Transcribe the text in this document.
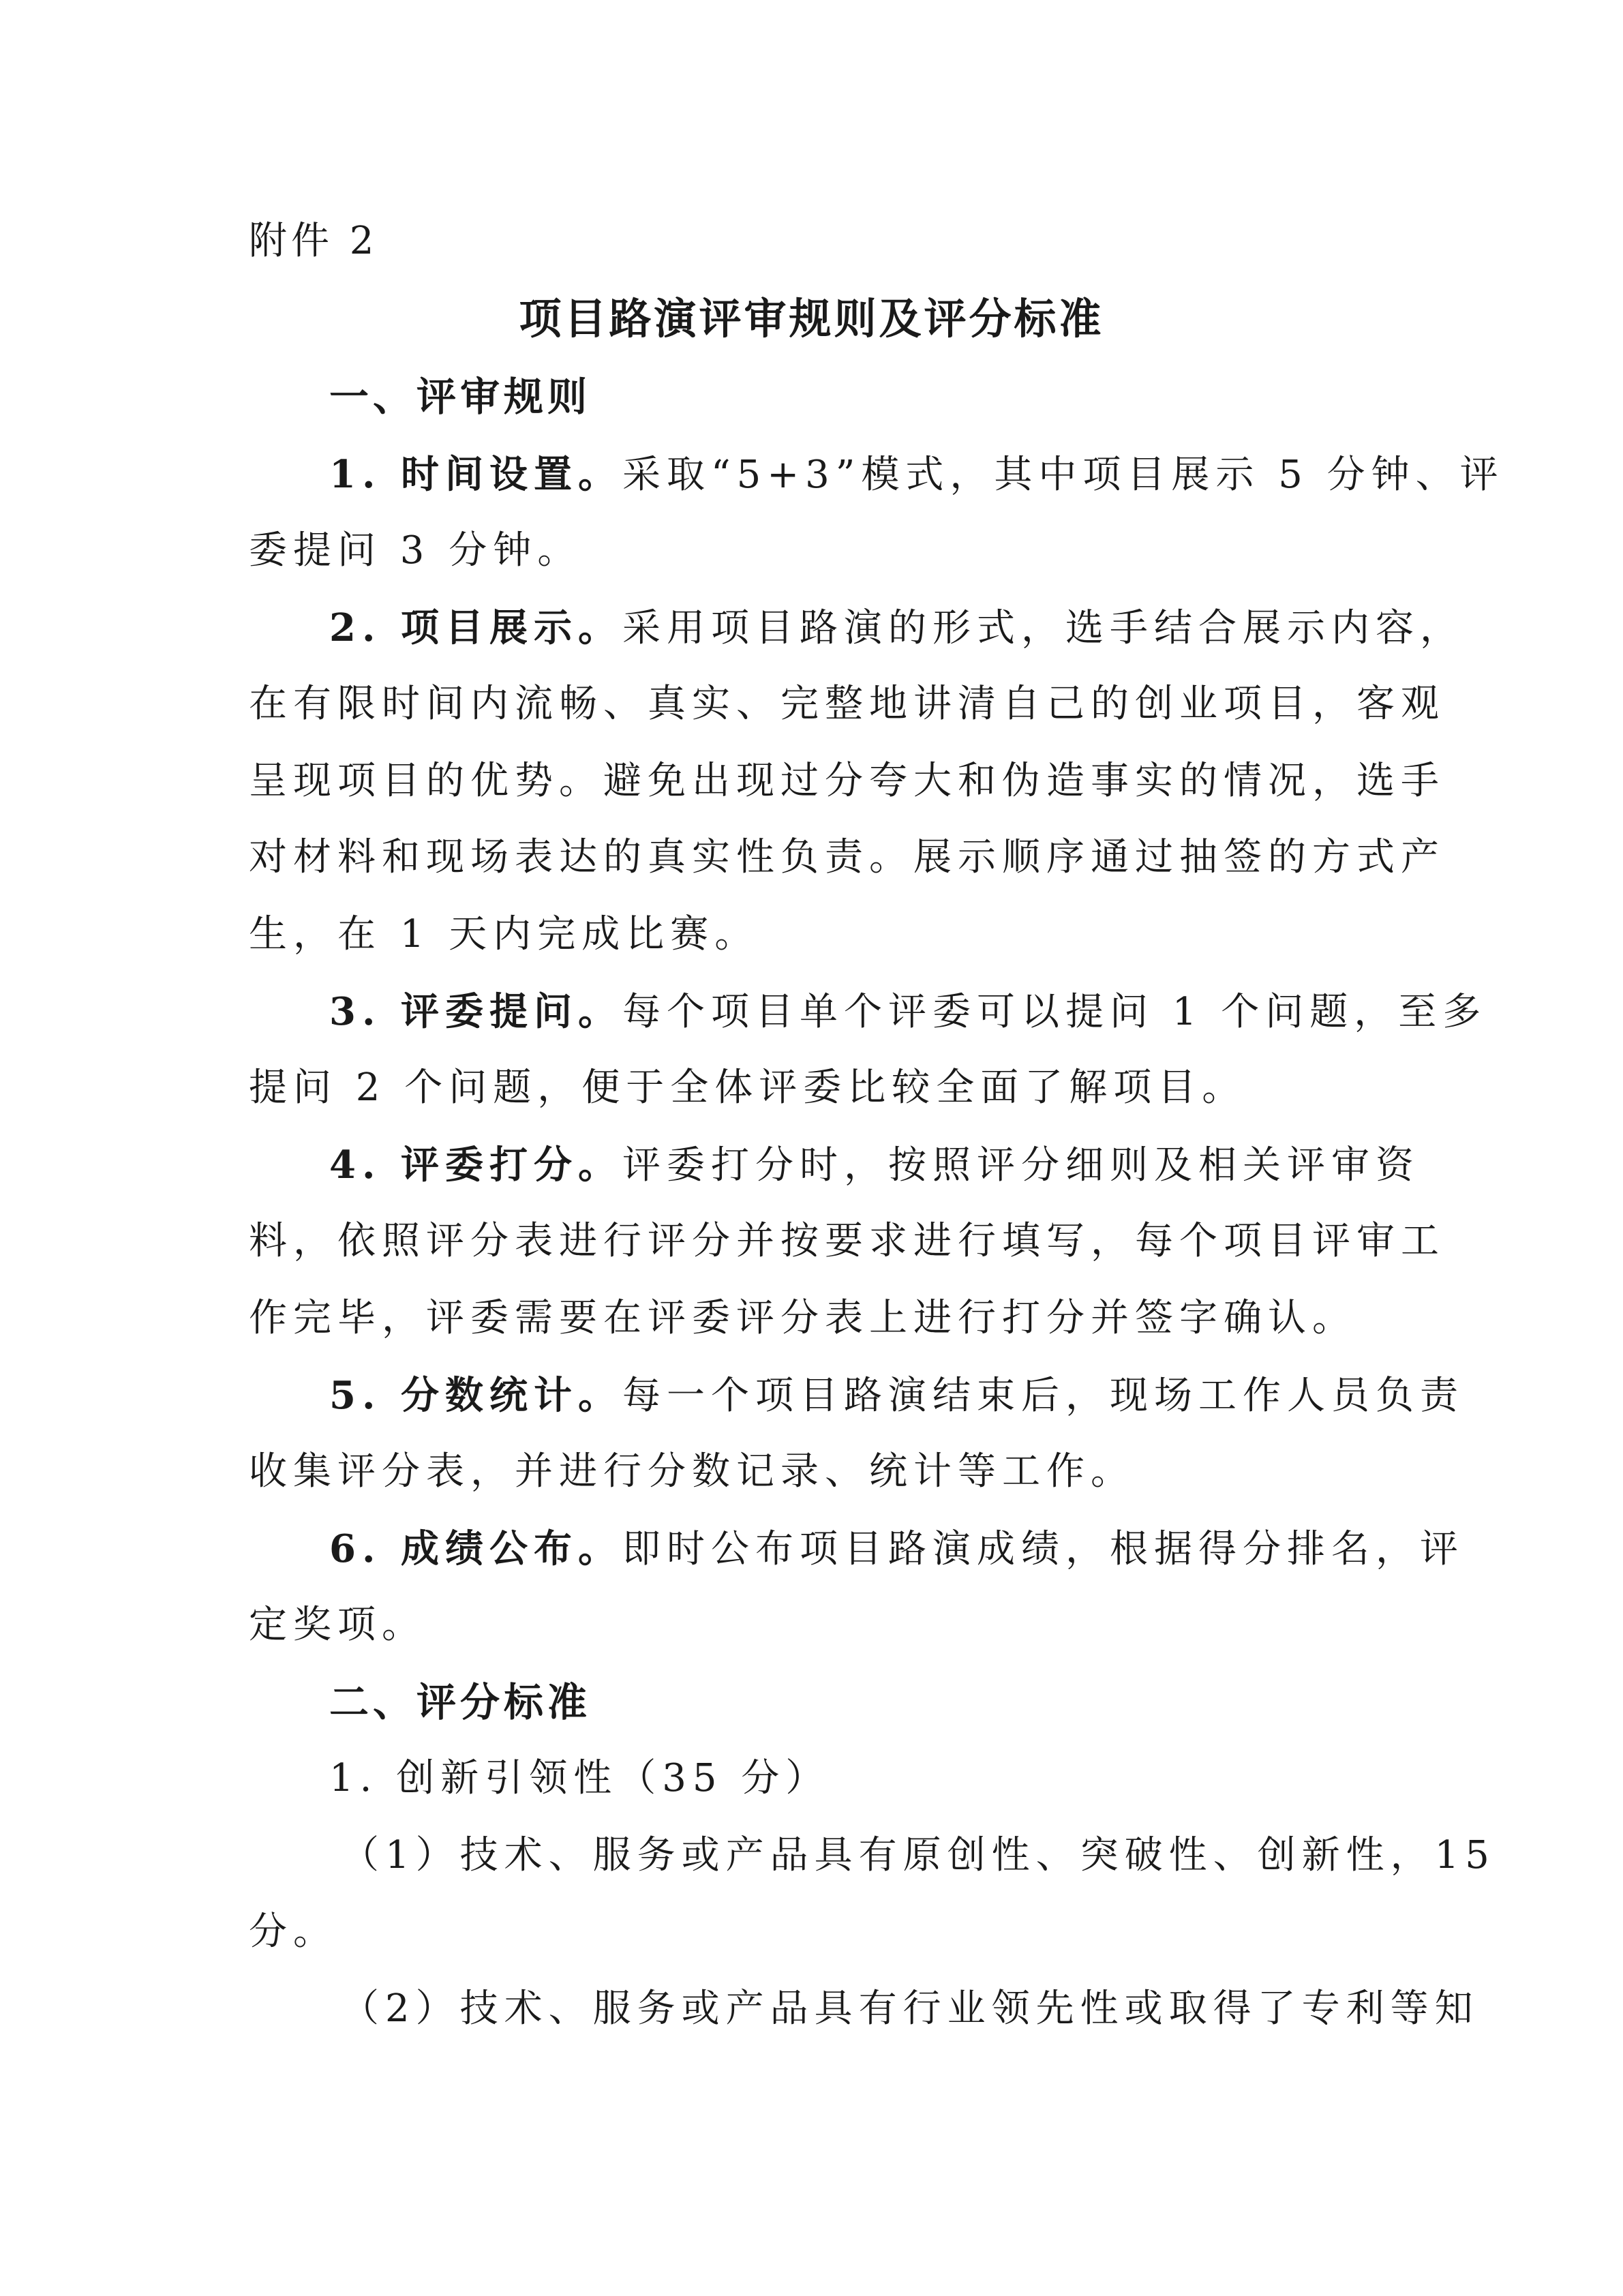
附件 2
项目路演评审规则及评分标准
一、评审规则
1. 时间设置。采取“5+3”模式，其中项目展示 5 分钟、评
委提问 3 分钟。
2. 项目展示。采用项目路演的形式，选手结合展示内容，
在有限时间内流畅、真实、完整地讲清自己的创业项目，客观
呈现项目的优势。避免出现过分夸大和伪造事实的情况，选手
对材料和现场表达的真实性负责。展示顺序通过抽签的方式产
生，在 1 天内完成比赛。
3. 评委提问。每个项目单个评委可以提问 1 个问题，至多
提问 2 个问题，便于全体评委比较全面了解项目。
4. 评委打分。评委打分时，按照评分细则及相关评审资
料，依照评分表进行评分并按要求进行填写，每个项目评审工
作完毕，评委需要在评委评分表上进行打分并签字确认。
5. 分数统计。每一个项目路演结束后，现场工作人员负责
收集评分表，并进行分数记录、统计等工作。
6. 成绩公布。即时公布项目路演成绩，根据得分排名，评
定奖项。
二、评分标准
1. 创新引领性（35 分）
（1）技术、服务或产品具有原创性、突破性、创新性，15
分。
（2）技术、服务或产品具有行业领先性或取得了专利等知
